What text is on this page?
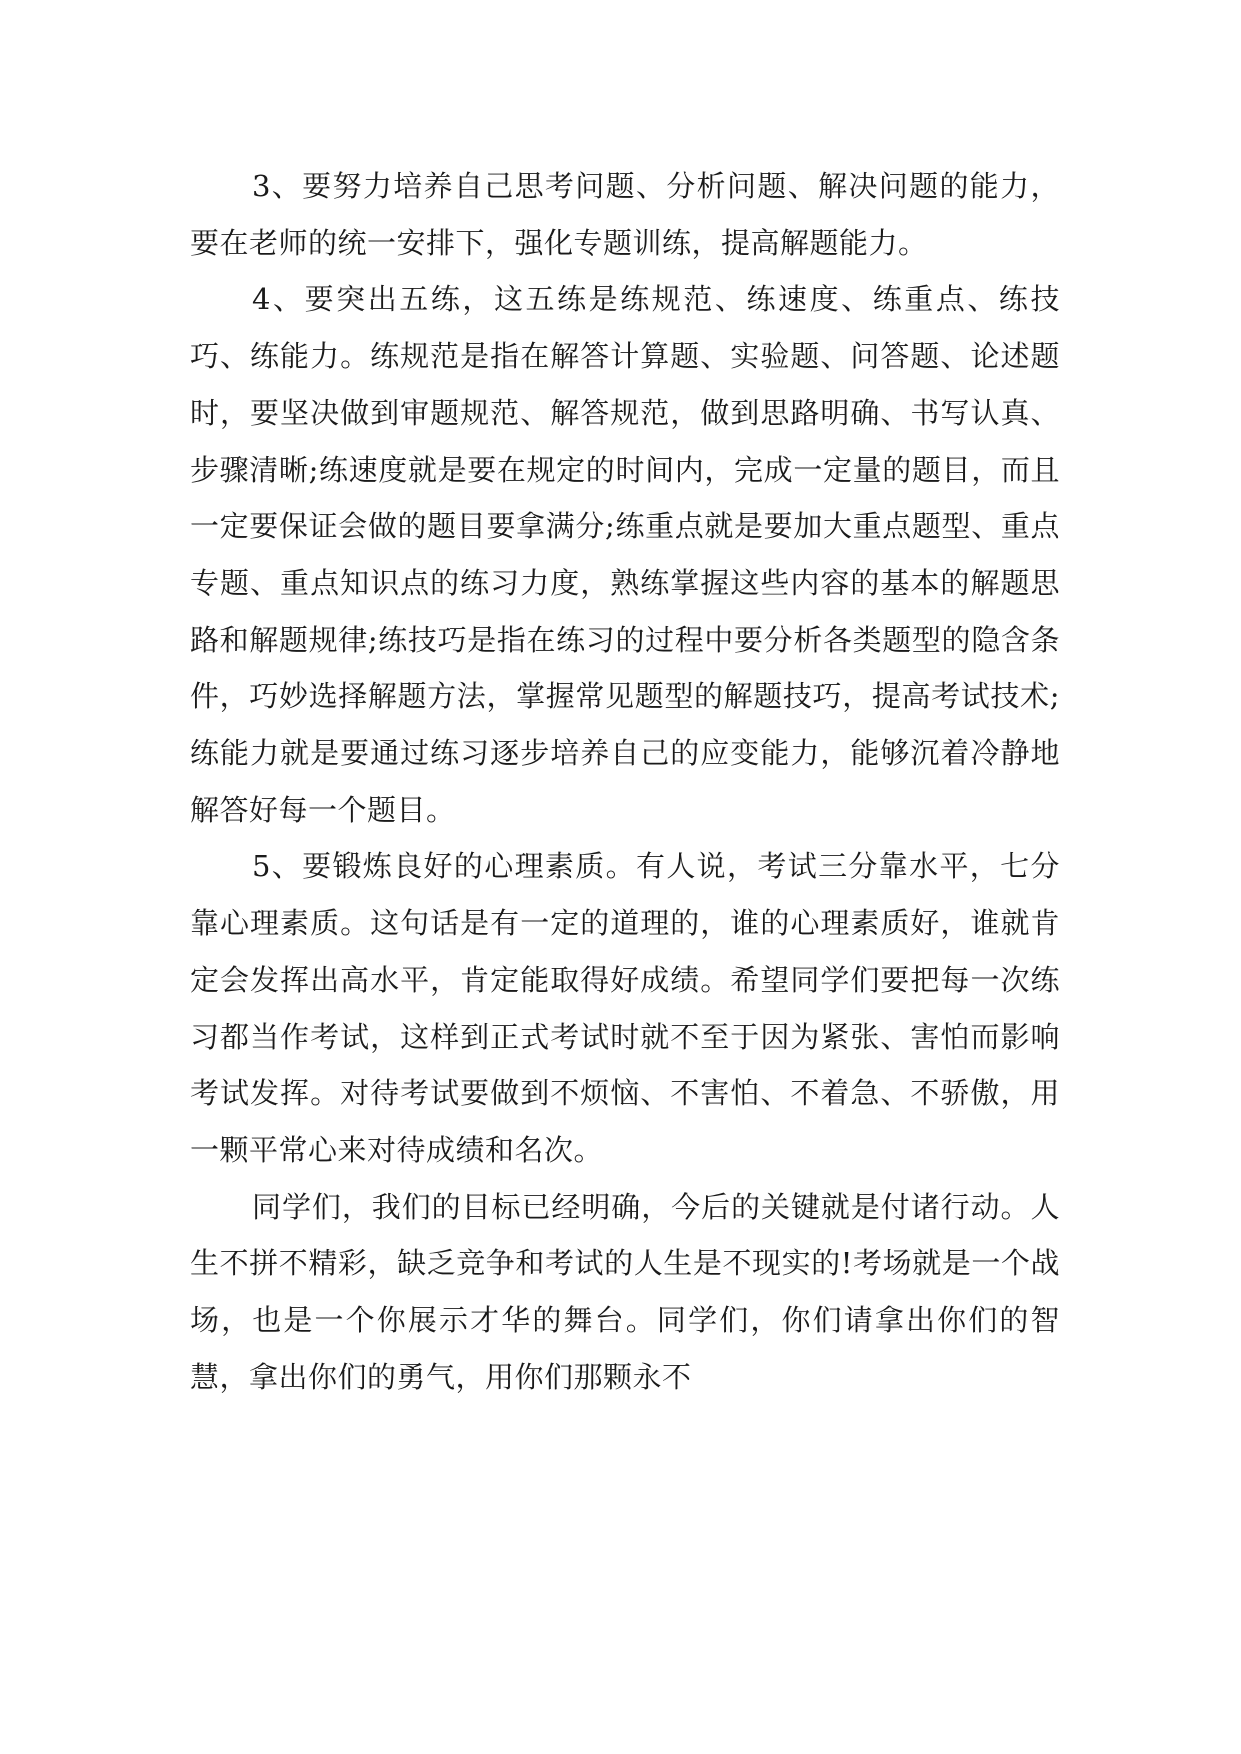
3、要努力培养自己思考问题、分析问题、解决问题的能力，要在老师的统一安排下，强化专题训练，提高解题能力。

4、要突出五练，这五练是练规范、练速度、练重点、练技巧、练能力。练规范是指在解答计算题、实验题、问答题、论述题时，要坚决做到审题规范、解答规范，做到思路明确、书写认真、步骤清晰;练速度就是要在规定的时间内，完成一定量的题目，而且一定要保证会做的题目要拿满分;练重点就是要加大重点题型、重点专题、重点知识点的练习力度，熟练掌握这些内容的基本的解题思路和解题规律;练技巧是指在练习的过程中要分析各类题型的隐含条件，巧妙选择解题方法，掌握常见题型的解题技巧，提高考试技术;练能力就是要通过练习逐步培养自己的应变能力，能够沉着冷静地解答好每一个题目。

5、要锻炼良好的心理素质。有人说，考试三分靠水平，七分靠心理素质。这句话是有一定的道理的，谁的心理素质好，谁就肯定会发挥出高水平，肯定能取得好成绩。希望同学们要把每一次练习都当作考试，这样到正式考试时就不至于因为紧张、害怕而影响考试发挥。对待考试要做到不烦恼、不害怕、不着急、不骄傲，用一颗平常心来对待成绩和名次。

同学们，我们的目标已经明确，今后的关键就是付诸行动。人生不拼不精彩，缺乏竞争和考试的人生是不现实的!考场就是一个战场，也是一个你展示才华的舞台。同学们，你们请拿出你们的智慧，拿出你们的勇气，用你们那颗永不
